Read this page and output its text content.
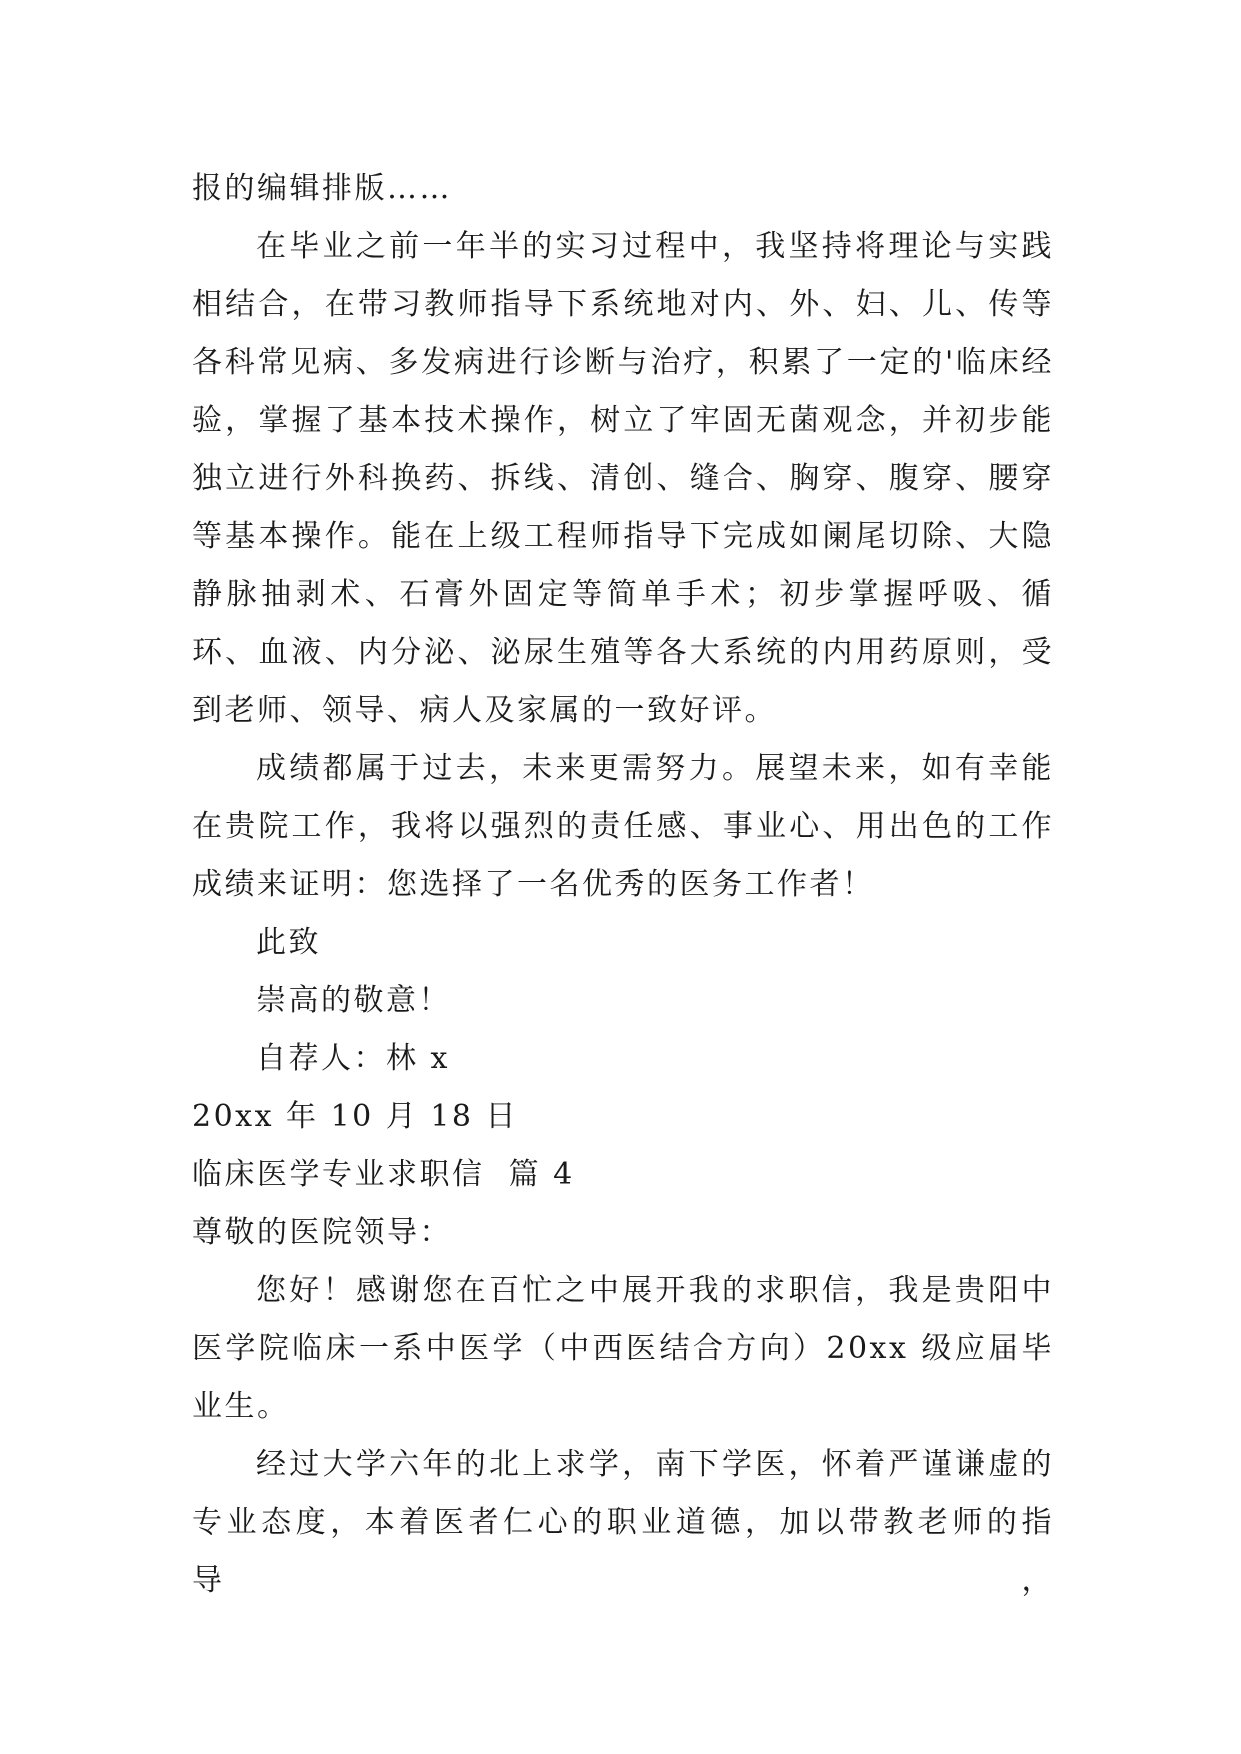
报的编辑排版……

在毕业之前一年半的实习过程中，我坚持将理论与实践相结合，在带习教师指导下系统地对内、外、妇、儿、传等各科常见病、多发病进行诊断与治疗，积累了一定的'临床经验，掌握了基本技术操作，树立了牢固无菌观念，并初步能独立进行外科换药、拆线、清创、缝合、胸穿、腹穿、腰穿等基本操作。能在上级工程师指导下完成如阑尾切除、大隐静脉抽剥术、石膏外固定等简单手术；初步掌握呼吸、循环、血液、内分泌、泌尿生殖等各大系统的内用药原则，受到老师、领导、病人及家属的一致好评。

成绩都属于过去，未来更需努力。展望未来，如有幸能在贵院工作，我将以强烈的责任感、事业心、用出色的工作成绩来证明：您选择了一名优秀的医务工作者！

此致
崇高的敬意！
自荐人：林 x
20xx 年 10 月 18 日
临床医学专业求职信  篇 4
尊敬的医院领导：

您好！感谢您在百忙之中展开我的求职信，我是贵阳中医学院临床一系中医学（中西医结合方向）20xx 级应届毕业生。

经过大学六年的北上求学，南下学医，怀着严谨谦虚的专业态度，本着医者仁心的职业道德，加以带教老师的指导，
